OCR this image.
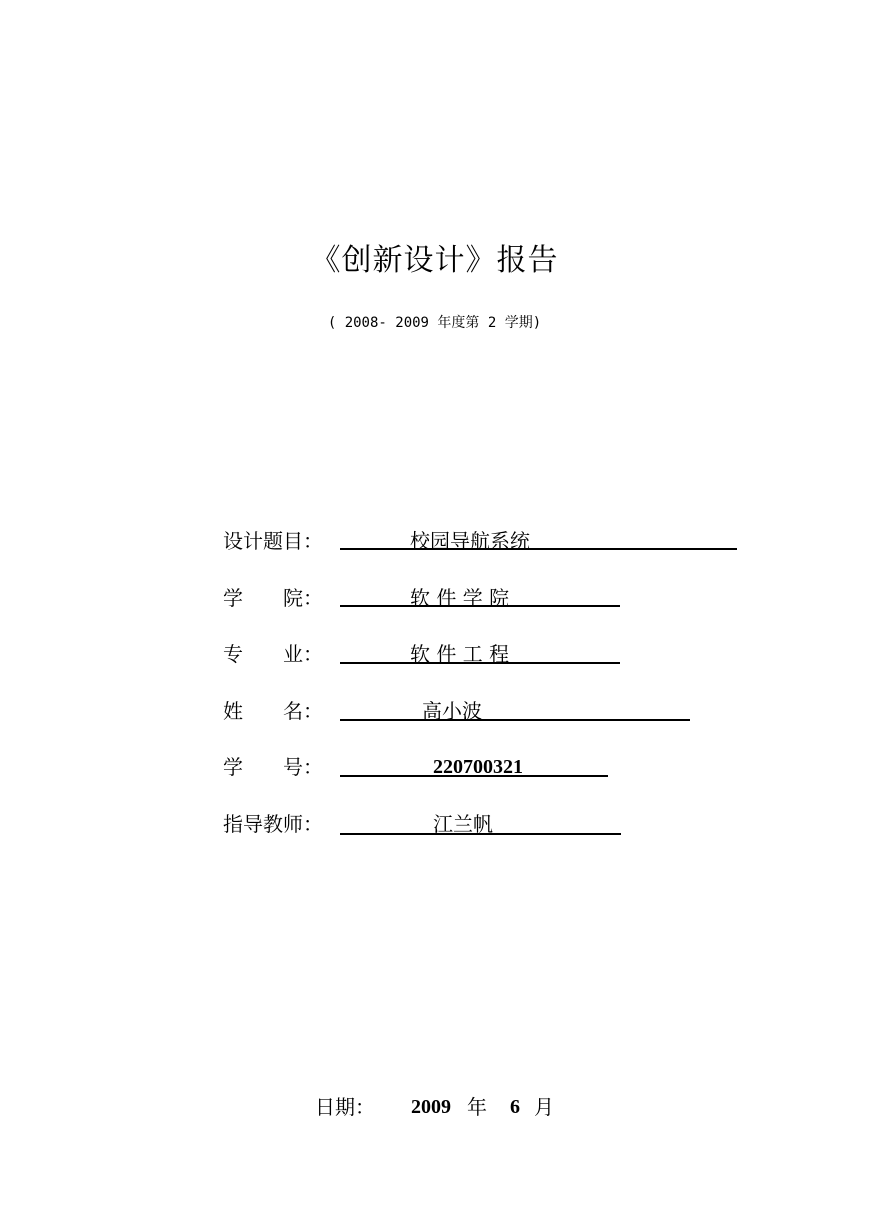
《创新设计》报告
( 2008- 2009 年度第 2 学期)
设计题目：	校园导航系统
学　　院：	软 件 学 院
专　　业：	软 件 工 程
姓　　名：	高小波
学　　号：	220700321
指导教师：	江兰帆
日期： 2009 年 6 月
